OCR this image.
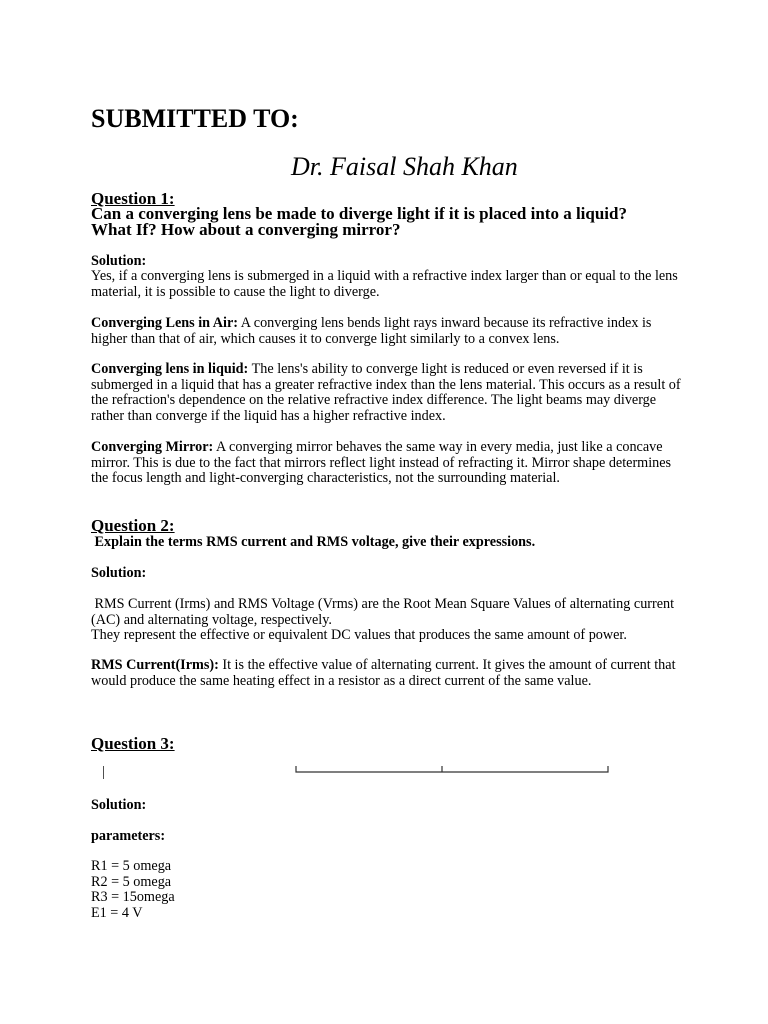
SUBMITTED TO:
Dr. Faisal Shah Khan
Question 1:
Can a converging lens be made to diverge light if it is placed into a liquid?
What If? How about a converging mirror?
Solution:
Yes, if a converging lens is submerged in a liquid with a refractive index larger than or equal to the lens material, it is possible to cause the light to diverge.
Converging Lens in Air: A converging lens bends light rays inward because its refractive index is higher than that of air, which causes it to converge light similarly to a convex lens.
Converging lens in liquid: The lens's ability to converge light is reduced or even reversed if it is submerged in a liquid that has a greater refractive index than the lens material. This occurs as a result of the refraction's dependence on the relative refractive index difference. The light beams may diverge rather than converge if the liquid has a higher refractive index.
Converging Mirror: A converging mirror behaves the same way in every media, just like a concave mirror. This is due to the fact that mirrors reflect light instead of refracting it. Mirror shape determines the focus length and light-converging characteristics, not the surrounding material.
Question 2:
Explain the terms RMS current and RMS voltage, give their expressions.
Solution:
RMS Current (Irms) and RMS Voltage (Vrms) are the Root Mean Square Values of alternating current (AC) and alternating voltage, respectively.
They represent the effective or equivalent DC values that produces the same amount of power.
RMS Current(Irms): It is the effective value of alternating current. It gives the amount of current that would produce the same heating effect in a resistor as a direct current of the same value.
Question 3:
|
Solution:
parameters:
R1 = 5 omega
R2 = 5 omega
R3 = 15omega
E1 = 4 V
